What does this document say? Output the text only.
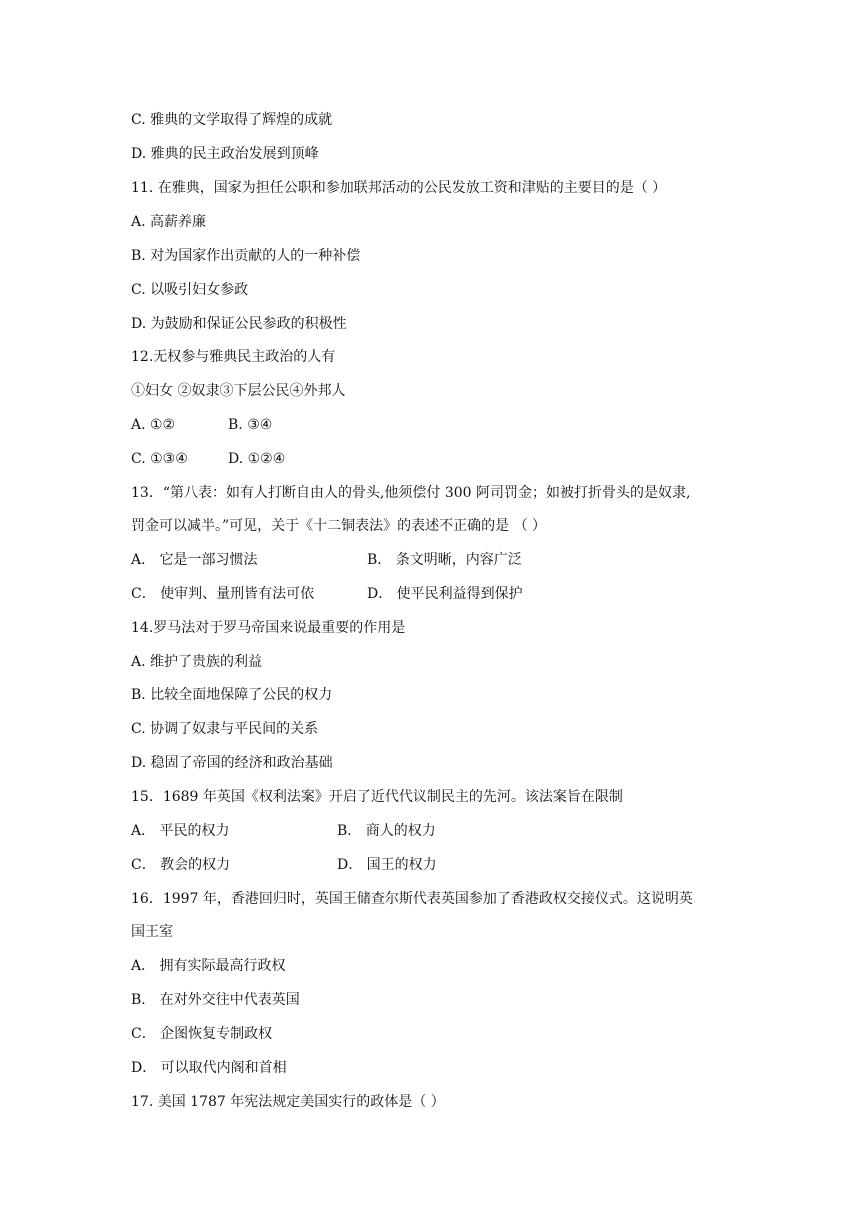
C. 雅典的文学取得了辉煌的成就
D. 雅典的民主政治发展到顶峰
11. 在雅典，国家为担任公职和参加联邦活动的公民发放工资和津贴的主要目的是（ ）
A. 高薪养廉
B. 对为国家作出贡献的人的一种补偿
C. 以吸引妇女参政
D. 为鼓励和保证公民参政的积极性
12.无权参与雅典民主政治的人有
①妇女 ②奴隶③下层公民④外邦人
A. ①②	B. ③④
C. ①③④	D. ①②④
13．“第八表：如有人打断自由人的骨头,他须偿付 300 阿司罚金；如被打折骨头的是奴隶,
罚金可以减半。”可见，关于《十二铜表法》的表述不正确的是 （ ）
A． 它是一部习惯法	B． 条文明晰，内容广泛
C． 使审判、量刑皆有法可依	D． 使平民利益得到保护
14.罗马法对于罗马帝国来说最重要的作用是
A. 维护了贵族的利益
B. 比较全面地保障了公民的权力
C. 协调了奴隶与平民间的关系
D. 稳固了帝国的经济和政治基础
15．1689 年英国《权利法案》开启了近代代议制民主的先河。该法案旨在限制
A． 平民的权力	B． 商人的权力
C． 教会的权力	D． 国王的权力
16．1997 年，香港回归时，英国王储查尔斯代表英国参加了香港政权交接仪式。这说明英
国王室
A． 拥有实际最高行政权
B． 在对外交往中代表英国
C． 企图恢复专制政权
D． 可以取代内阁和首相
17. 美国 1787 年宪法规定美国实行的政体是（ ）
